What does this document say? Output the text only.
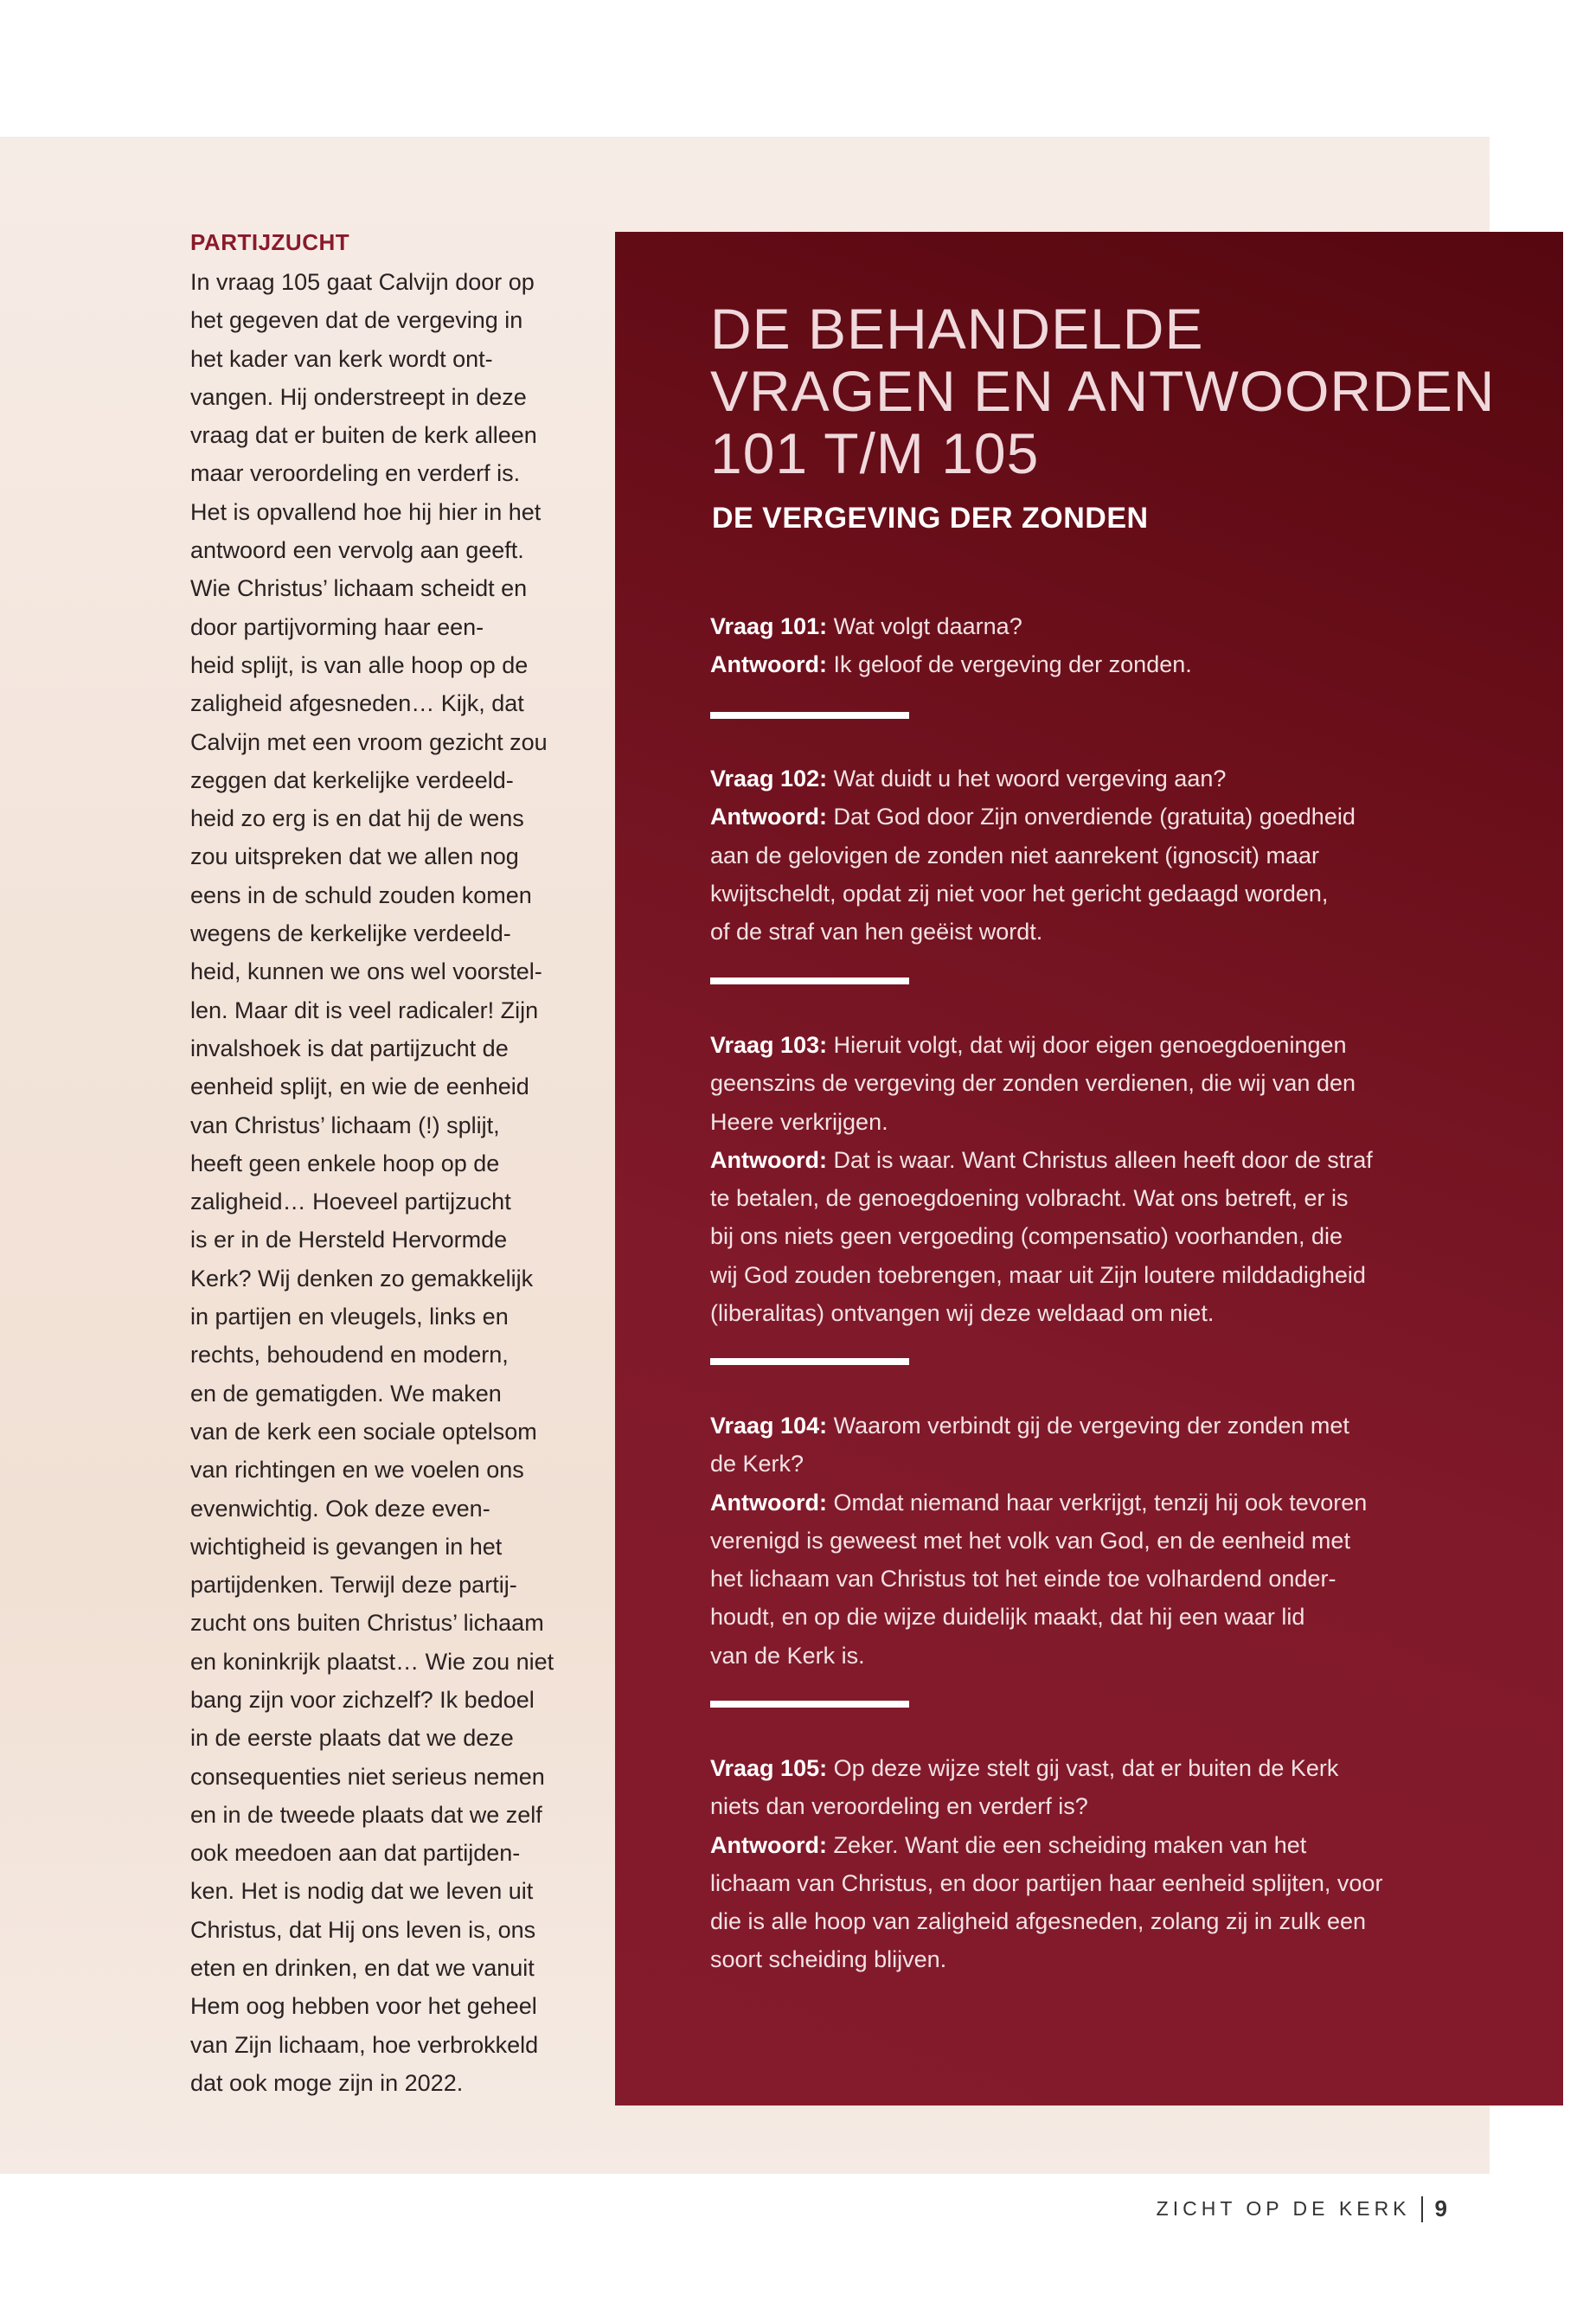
PARTIJZUCHT
In vraag 105 gaat Calvijn door op
het gegeven dat de vergeving in
het kader van kerk wordt ont-
vangen. Hij onderstreept in deze
vraag dat er buiten de kerk alleen
maar veroordeling en verderf is.
Het is opvallend hoe hij hier in het
antwoord een vervolg aan geeft.
Wie Christus’ lichaam scheidt en
door partijvorming haar een-
heid splijt, is van alle hoop op de
zaligheid afgesneden… Kijk, dat
Calvijn met een vroom gezicht zou
zeggen dat kerkelijke verdeeld-
heid zo erg is en dat hij de wens
zou uitspreken dat we allen nog
eens in de schuld zouden komen
wegens de kerkelijke verdeeld-
heid, kunnen we ons wel voorstel-
len. Maar dit is veel radicaler! Zijn
invalshoek is dat partijzucht de
eenheid splijt, en wie de eenheid
van Christus’ lichaam (!) splijt,
heeft geen enkele hoop op de
zaligheid… Hoeveel partijzucht
is er in de Hersteld Hervormde
Kerk? Wij denken zo gemakkelijk
in partijen en vleugels, links en
rechts, behoudend en modern,
en de gematigden. We maken
van de kerk een sociale optelsom
van richtingen en we voelen ons
evenwichtig. Ook deze even-
wichtigheid is gevangen in het
partijdenken. Terwijl deze partij-
zucht ons buiten Christus’ lichaam
en koninkrijk plaatst… Wie zou niet
bang zijn voor zichzelf? Ik bedoel
in de eerste plaats dat we deze
consequenties niet serieus nemen
en in de tweede plaats dat we zelf
ook meedoen aan dat partijden-
ken. Het is nodig dat we leven uit
Christus, dat Hij ons leven is, ons
eten en drinken, en dat we vanuit
Hem oog hebben voor het geheel
van Zijn lichaam, hoe verbrokkeld
dat ook moge zijn in 2022.
DE BEHANDELDE
VRAGEN EN ANTWOORDEN
101 T/M 105
DE VERGEVING DER ZONDEN
Vraag 101: Wat volgt daarna?
Antwoord: Ik geloof de vergeving der zonden.
Vraag 102: Wat duidt u het woord vergeving aan?
Antwoord: Dat God door Zijn onverdiende (gratuita) goedheid
aan de gelovigen de zonden niet aanrekent (ignoscit) maar
kwijtscheldt, opdat zij niet voor het gericht gedaagd worden,
of de straf van hen geëist wordt.
Vraag 103: Hieruit volgt, dat wij door eigen genoegdoeningen
geenszins de vergeving der zonden verdienen, die wij van den
Heere verkrijgen.
Antwoord: Dat is waar. Want Christus alleen heeft door de straf
te betalen, de genoegdoening volbracht. Wat ons betreft, er is
bij ons niets geen vergoeding (compensatio) voorhanden, die
wij God zouden toebrengen, maar uit Zijn loutere milddadigheid
(liberalitas) ontvangen wij deze weldaad om niet.
Vraag 104: Waarom verbindt gij de vergeving der zonden met
de Kerk?
Antwoord: Omdat niemand haar verkrijgt, tenzij hij ook tevoren
verenigd is geweest met het volk van God, en de eenheid met
het lichaam van Christus tot het einde toe volhardend onder-
houdt, en op die wijze duidelijk maakt, dat hij een waar lid
van de Kerk is.
Vraag 105: Op deze wijze stelt gij vast, dat er buiten de Kerk
niets dan veroordeling en verderf is?
Antwoord: Zeker. Want die een scheiding maken van het
lichaam van Christus, en door partijen haar eenheid splijten, voor
die is alle hoop van zaligheid afgesneden, zolang zij in zulk een
soort scheiding blijven.
ZICHT OP DE KERK 9
